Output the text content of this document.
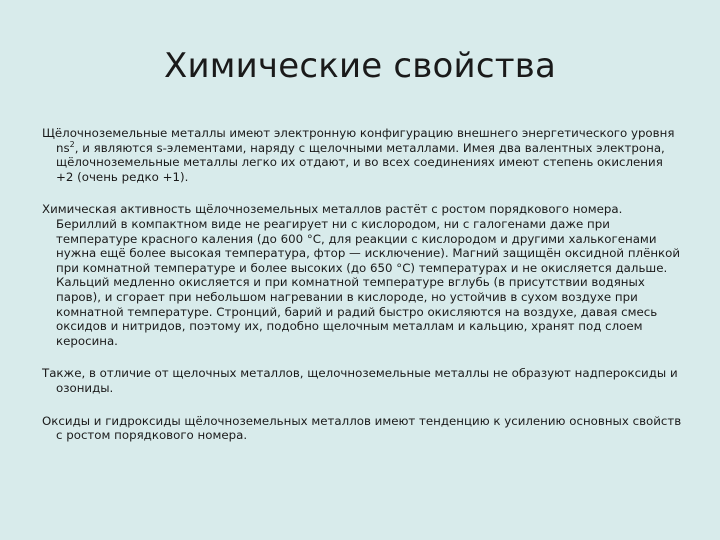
Химические свойства

Щёлочноземельные металлы имеют электронную конфигурацию внешнего энергетического уровня $ns^2$, и являются s-элементами, наряду с щелочными металлами. Имея два валентных электрона, щёлочноземельные металлы легко их отдают, и во всех соединениях имеют степень окисления +2 (очень редко +1).

Химическая активность щёлочноземельных металлов растёт с ростом порядкового номера. Бериллий в компактном виде не реагирует ни с кислородом, ни с галогенами даже при температуре красного каления (до 600 °C, для реакции с кислородом и другими халькогенами нужна ещё более высокая температура, фтор — исключение). Магний защищён оксидной плёнкой при комнатной температуре и более высоких (до 650 °C) температурах и не окисляется дальше. Кальций медленно окисляется и при комнатной температуре вглубь (в присутствии водяных паров), и сгорает при небольшом нагревании в кислороде, но устойчив в сухом воздухе при комнатной температуре. Стронций, барий и радий быстро окисляются на воздухе, давая смесь оксидов и нитридов, поэтому их, подобно щелочным металлам и кальцию, хранят под слоем керосина.

Также, в отличие от щелочных металлов, щелочноземельные металлы не образуют надпероксиды и озониды.

Оксиды и гидроксиды щёлочноземельных металлов имеют тенденцию к усилению основных свойств с ростом порядкового номера.
